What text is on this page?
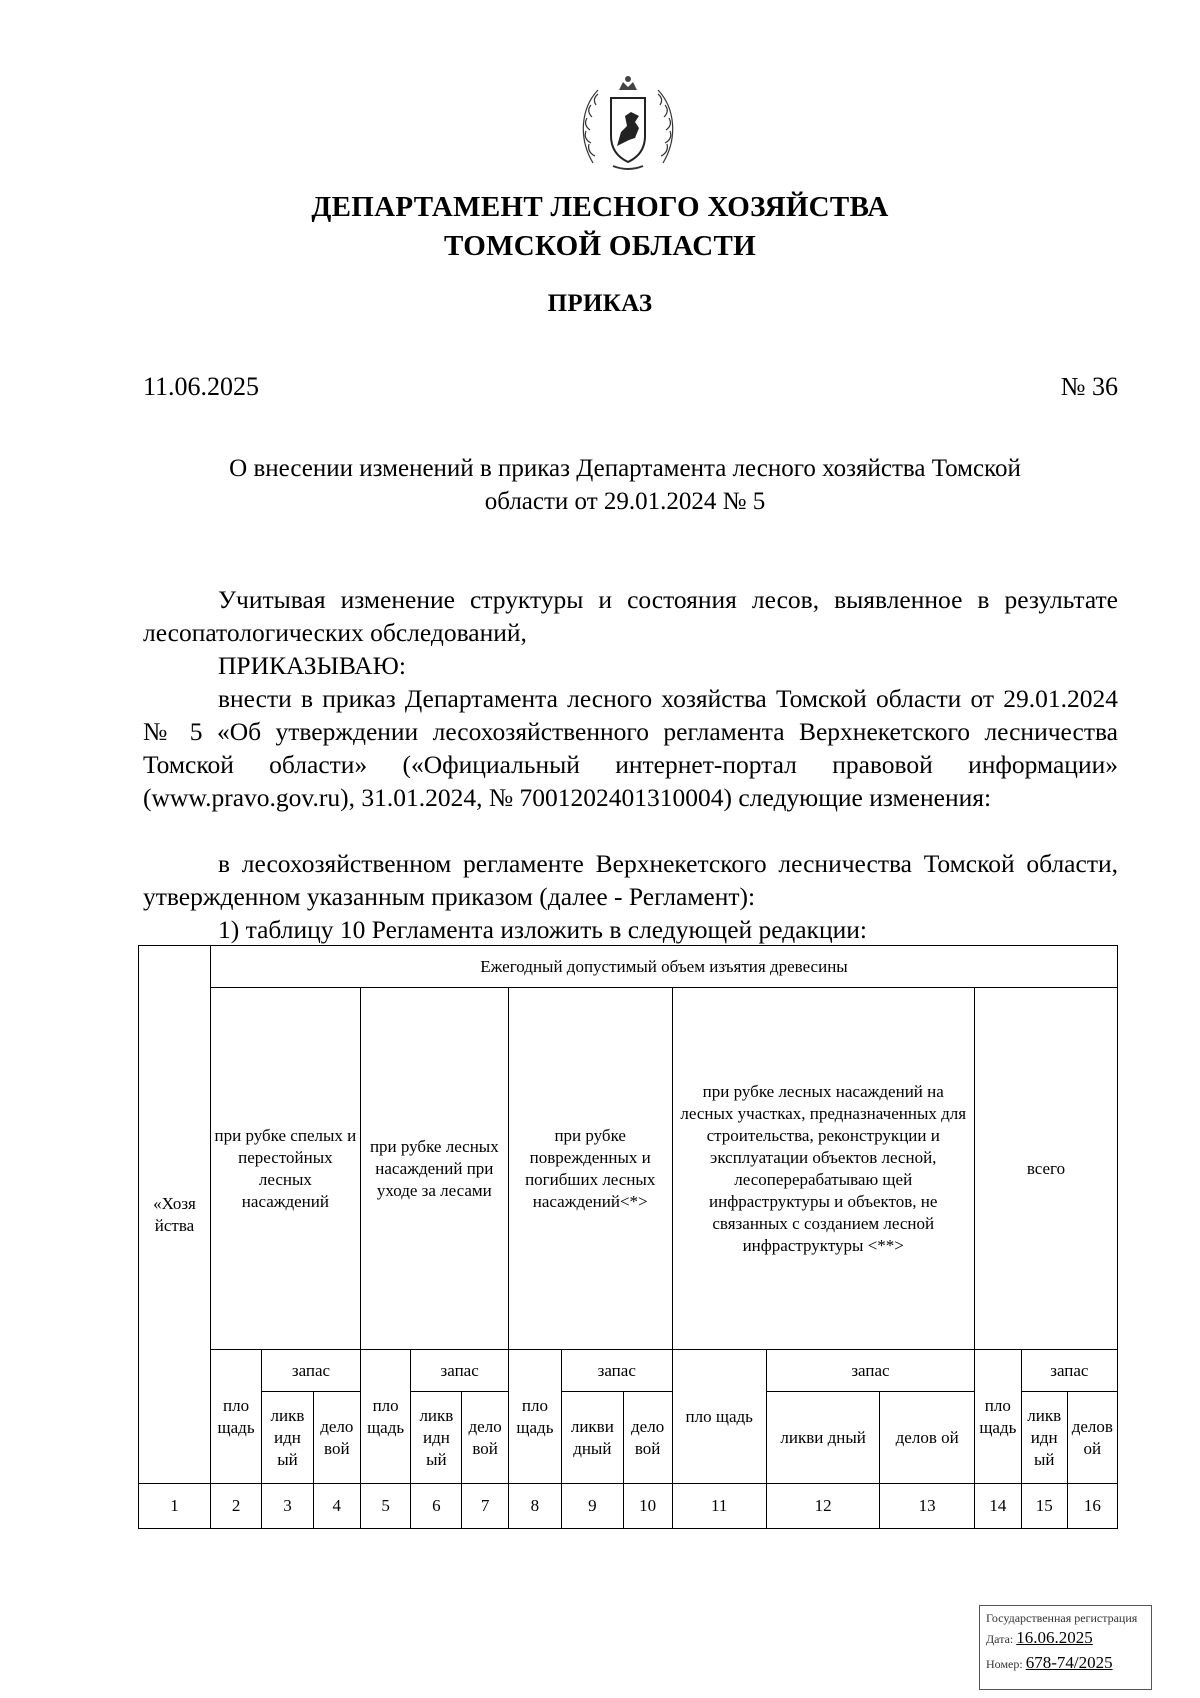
ДЕПАРТАМЕНТ ЛЕСНОГО ХОЗЯЙСТВА
ТОМСКОЙ ОБЛАСТИ
ПРИКАЗ
11.06.2025	№ 36
О внесении изменений в приказ Департамента лесного хозяйства Томской
области от 29.01.2024 № 5
Учитывая изменение структуры и состояния лесов, выявленное в результате лесопатологических обследований,
ПРИКАЗЫВАЮ:
внести в приказ Департамента лесного хозяйства Томской области от 29.01.2024 № 5 «Об утверждении лесохозяйственного регламента Верхнекетского лесничества Томской области» («Официальный интернет-портал правовой информации» (www.pravo.gov.ru), 31.01.2024, № 7001202401310004) следующие изменения:
в лесохозяйственном регламенте Верхнекетского лесничества Томской области, утвержденном указанным приказом (далее - Регламент):
1) таблицу 10 Регламента изложить в следующей редакции:
«Хозя йства	Ежегодный допустимый объем изъятия древесины														
	при рубке спелых и перестойных лесных насаждений			при рубке лесных насаждений при уходе за лесами			при рубке поврежденных и погибших лесных насаждений<*>			при рубке лесных насаждений на лесных участках, предназначенных для строительства, реконструкции и эксплуатации объектов лесной, лесоперерабатываю щей инфраструктуры и объектов, не связанных с созданием лесной инфраструктуры <**>			всего		
	пло щадь	запас		пло щадь	запас		пло щадь	запас		пло щадь	запас		пло щадь	запас	
		ликв идн ый	дело вой		ликв идн ый	дело вой		ликви дный	дело вой		ликви дный	делов ой		ликв идн ый	делов ой
1	2	3	4	5	6	7	8	9	10	11	12	13	14	15	16
Государственная регистрация
Дата: 16.06.2025
Номер: 678-74/2025
